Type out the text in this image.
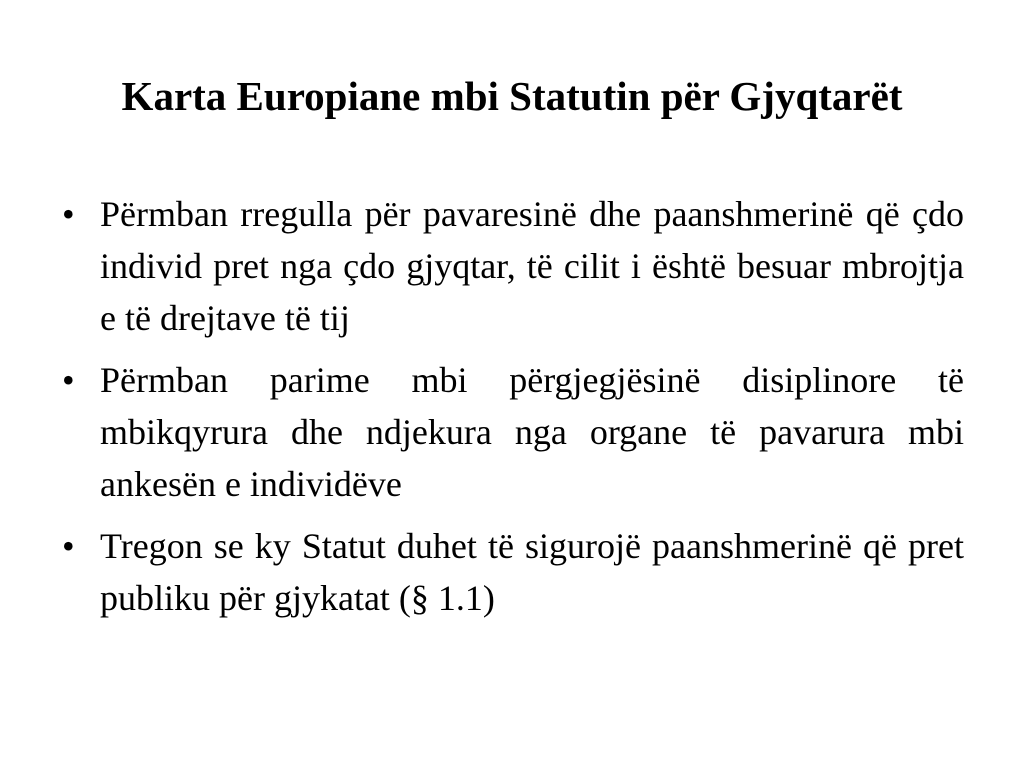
Karta Europiane mbi Statutin për Gjyqtarët
• Përmban rregulla për pavaresinë dhe paanshmerinë që çdo individ pret nga çdo gjyqtar, të cilit i është besuar mbrojtja e të drejtave të tij
• Përmban parime mbi përgjegjësinë disiplinore të mbikqyrura dhe ndjekura nga organe të pavarura mbi ankesën e individëve
• Tregon se ky Statut duhet të sigurojë paanshmerinë që pret publiku për gjykatat (§ 1.1)
